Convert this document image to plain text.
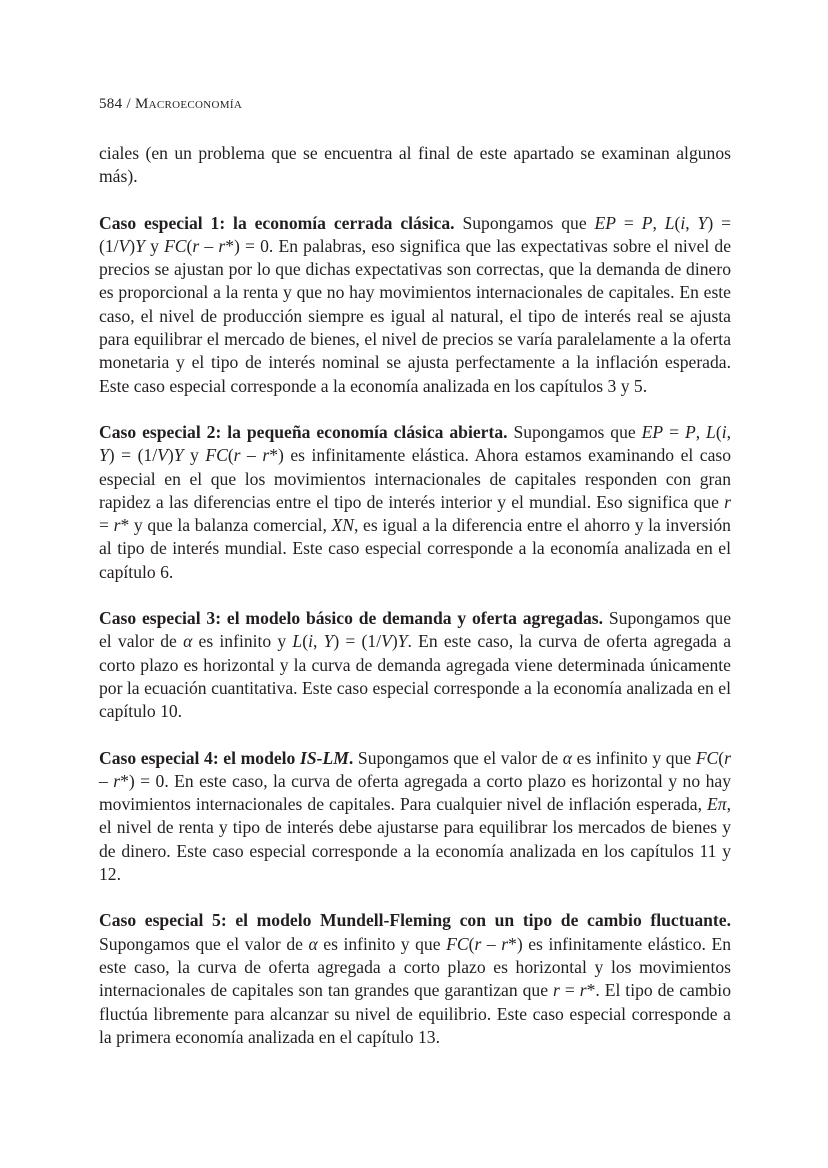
584 / Macroeconomía

ciales (en un problema que se encuentra al final de este apartado se examinan algunos más).

Caso especial 1: la economía cerrada clásica. Supongamos que EP = P, L(i, Y) = (1/V)Y y FC(r – r*) = 0. En palabras, eso significa que las expectativas sobre el nivel de precios se ajustan por lo que dichas expectativas son correctas, que la demanda de dinero es proporcional a la renta y que no hay movimientos internacionales de capitales. En este caso, el nivel de producción siempre es igual al natural, el tipo de interés real se ajusta para equilibrar el mercado de bienes, el nivel de precios se varía paralelamente a la oferta monetaria y el tipo de interés nominal se ajusta perfectamente a la inflación esperada. Este caso especial corresponde a la economía analizada en los capítulos 3 y 5.

Caso especial 2: la pequeña economía clásica abierta. Supongamos que EP = P, L(i, Y) = (1/V)Y y FC(r – r*) es infinitamente elástica. Ahora estamos examinando el caso especial en el que los movimientos internacionales de capitales responden con gran rapidez a las diferencias entre el tipo de interés interior y el mundial. Eso significa que r = r* y que la balanza comercial, XN, es igual a la diferencia entre el ahorro y la inversión al tipo de interés mundial. Este caso especial corresponde a la economía analizada en el capítulo 6.

Caso especial 3: el modelo básico de demanda y oferta agregadas. Supongamos que el valor de α es infinito y L(i, Y) = (1/V)Y. En este caso, la curva de oferta agregada a corto plazo es horizontal y la curva de demanda agregada viene determinada únicamente por la ecuación cuantitativa. Este caso especial corresponde a la economía analizada en el capítulo 10.

Caso especial 4: el modelo IS-LM. Supongamos que el valor de α es infinito y que FC(r – r*) = 0. En este caso, la curva de oferta agregada a corto plazo es horizontal y no hay movimientos internacionales de capitales. Para cualquier nivel de inflación esperada, Eπ, el nivel de renta y tipo de interés debe ajustarse para equilibrar los mercados de bienes y de dinero. Este caso especial corresponde a la economía analizada en los capítulos 11 y 12.

Caso especial 5: el modelo Mundell-Fleming con un tipo de cambio fluctuante. Supongamos que el valor de α es infinito y que FC(r – r*) es infinitamente elástico. En este caso, la curva de oferta agregada a corto plazo es horizontal y los movimientos internacionales de capitales son tan grandes que garantizan que r = r*. El tipo de cambio fluctúa libremente para alcanzar su nivel de equilibrio. Este caso especial corresponde a la primera economía analizada en el capítulo 13.
